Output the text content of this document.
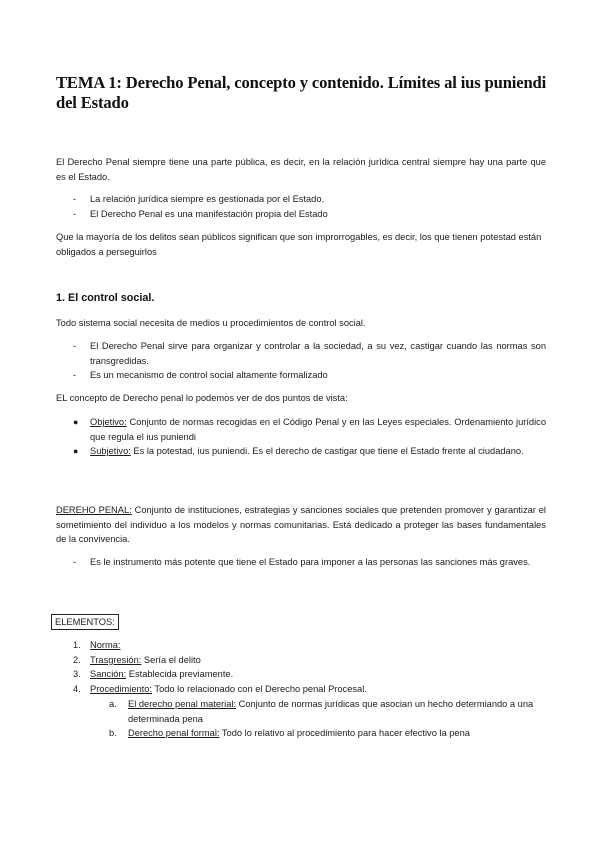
TEMA 1: Derecho Penal, concepto y contenido. Límites al ius puniendi del Estado

El Derecho Penal siempre tiene una parte pública, es decir, en la relación jurídica central siempre hay una parte que es el Estado.

- La relación jurídica siempre es gestionada por el Estado.
- El Derecho Penal es una manifestación propia del Estado

Que la mayoría de los delitos sean públicos significan que son improrrogables, es decir, los que tienen potestad están obligados a perseguirlos

1. El control social.

Todo sistema social necesita de medios u procedimientos de control social.

- El Derecho Penal sirve para organizar y controlar a la sociedad, a su vez, castigar cuando las normas son transgredidas.
- Es un mecanismo de control social altamente formalizado

EL concepto de Derecho penal lo podemos ver de dos puntos de vista:

● Objetivo: Conjunto de normas recogidas en el Código Penal y en las Leyes especiales. Ordenamiento jurídico que regula el ius puniendi
● Subjetivo: Es la potestad, ius puniendi. Es el derecho de castigar que tiene el Estado frente al ciudadano.

DEREHO PENAL: Conjunto de instituciones, estrategias y sanciones sociales que pretenden promover y garantizar el sometimiento del individuo a los modelos y normas comunitarias. Está dedicado a proteger las bases fundamentales de la convivencia.

- Es le instrumento más potente que tiene el Estado para imponer a las personas las sanciones más graves.
ELEMENTOS:
1. Norma:
2. Trasgresión: Sería el delito
3. Sanción: Establecida previamente.
4. Procedimiento: Todo lo relacionado con el Derecho penal Procesal.
a. El derecho penal material: Conjunto de normas jurídicas que asocian un hecho determiando a una determinada pena
b. Derecho penal formal: Todo lo relativo al procedimiento para hacer efectivo la pena
